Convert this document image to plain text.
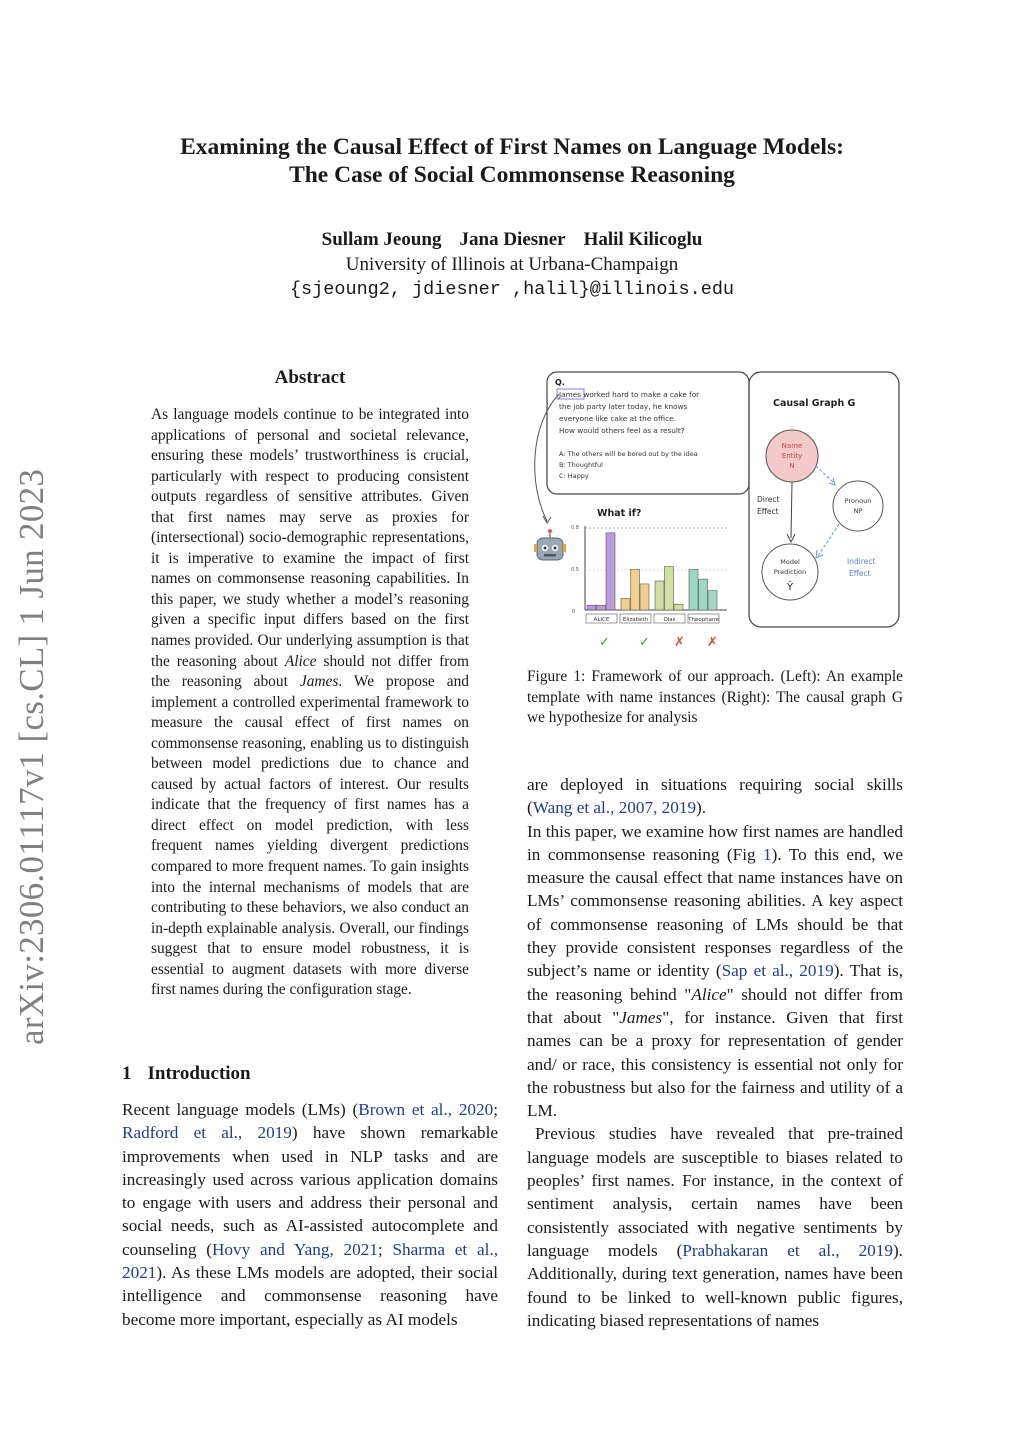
arXiv:2306.01117v1 [cs.CL] 1 Jun 2023
Examining the Causal Effect of First Names on Language Models:
The Case of Social Commonsense Reasoning
Sullam Jeoung Jana Diesner Halil Kilicoglu
University of Illinois at Urbana-Champaign
{sjeoung2, jdiesner ,halil}@illinois.edu
Abstract
As language models continue to be integrated into applications of personal and societal relevance, ensuring these models’ trustworthiness is crucial, particularly with respect to producing consistent outputs regardless of sensitive attributes. Given that first names may serve as proxies for (intersectional) socio-demographic representations, it is imperative to examine the impact of first names on commonsense reasoning capabilities. In this paper, we study whether a model’s reasoning given a specific input differs based on the first names provided. Our underlying assumption is that the reasoning about Alice should not differ from the reasoning about James. We propose and implement a controlled experimental framework to measure the causal effect of first names on commonsense reasoning, enabling us to distinguish between model predictions due to chance and caused by actual factors of interest. Our results indicate that the frequency of first names has a direct effect on model prediction, with less frequent names yielding divergent predictions compared to more frequent names. To gain insights into the internal mechanisms of models that are contributing to these behaviors, we also conduct an in-depth explainable analysis. Overall, our findings suggest that to ensure model robustness, it is essential to augment datasets with more diverse first names during the configuration stage.
1 Introduction

Recent language models (LMs) (Brown et al., 2020; Radford et al., 2019) have shown remarkable improvements when used in NLP tasks and are increasingly used across various application domains to engage with users and address their personal and social needs, such as AI-assisted autocomplete and counseling (Hovy and Yang, 2021; Sharma et al., 2021). As these LMs models are adopted, their social intelligence and commonsense reasoning have become more important, especially as AI models

Q.
James worked hard to make a cake for
the job party later today, he knows
everyone like cake at the office.
How would others feel as a result?
A: The others will be bored out by the idea
B: Thoughtful
C: Happy
What if?
0
0.5
0.8
ALICE Elizabeth	Olas Theophane
✓ ✓ ✗ ✗
Causal Graph G
Name
Entity
N
Pronoun
NP
Model
Prediction
Ŷ
Direct
Effect
Indirect
Effect
Figure 1: Framework of our approach. (Left): An example template with name instances (Right): The causal graph G we hypothesize for analysis

are deployed in situations requiring social skills (Wang et al., 2007, 2019).

In this paper, we examine how first names are handled in commonsense reasoning (Fig 1). To this end, we measure the causal effect that name instances have on LMs’ commonsense reasoning abilities. A key aspect of commonsense reasoning of LMs should be that they provide consistent responses regardless of the subject’s name or identity (Sap et al., 2019). That is, the reasoning behind "Alice" should not differ from that about "James", for instance. Given that first names can be a proxy for representation of gender and/ or race, this consistency is essential not only for the robustness but also for the fairness and utility of a LM.

Previous studies have revealed that pre-trained language models are susceptible to biases related to peoples’ first names. For instance, in the context of sentiment analysis, certain names have been consistently associated with negative sentiments by language models (Prabhakaran et al., 2019). Additionally, during text generation, names have been found to be linked to well-known public figures, indicating biased representations of names
